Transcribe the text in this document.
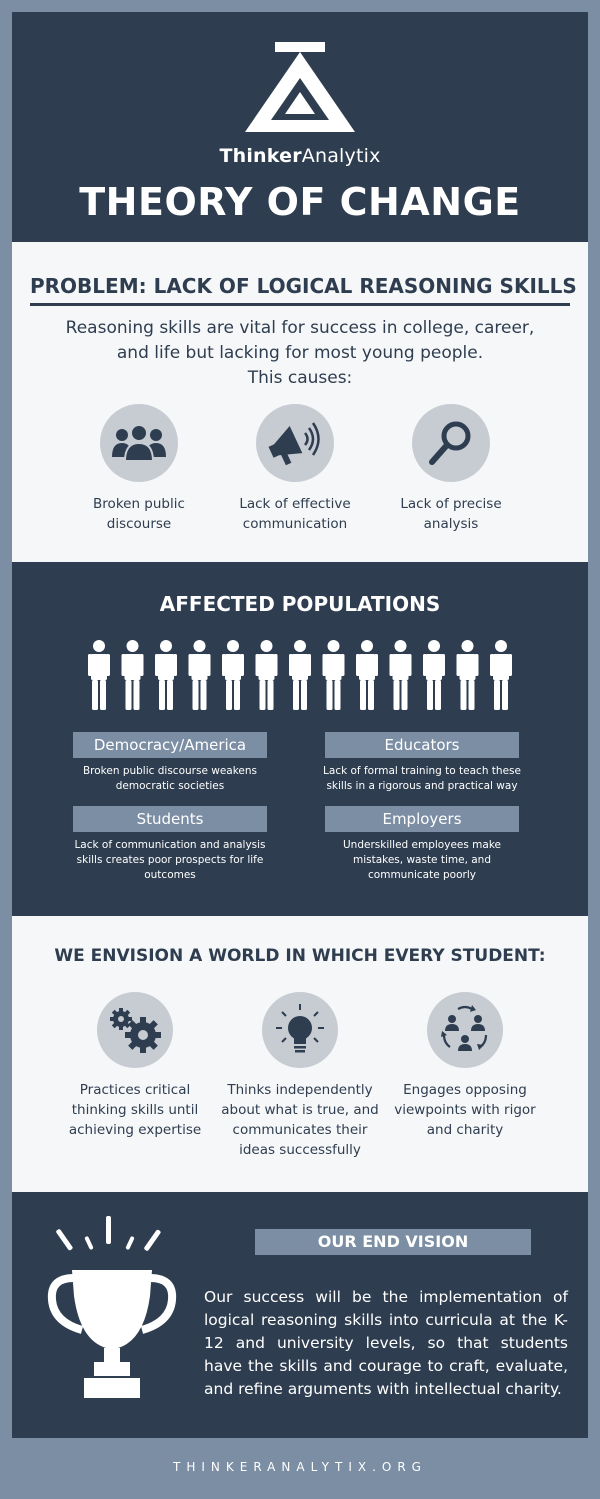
ThinkerAnalytix
THEORY OF CHANGE
PROBLEM: LACK OF LOGICAL REASONING SKILLS
Reasoning skills are vital for success in college, career,
and life but lacking for most young people.
This causes:
Broken public discourse
Lack of effective communication
Lack of precise analysis
AFFECTED POPULATIONS
Democracy/America
Broken public discourse weakens democratic societies
Educators
Lack of formal training to teach these skills in a rigorous and practical way
Students
Lack of communication and analysis skills creates poor prospects for life outcomes
Employers
Underskilled employees make mistakes, waste time, and communicate poorly
WE ENVISION A WORLD IN WHICH EVERY STUDENT:
Practices critical thinking skills until achieving expertise
Thinks independently about what is true, and communicates their ideas successfully
Engages opposing viewpoints with rigor and charity
OUR END VISION
Our success will be the implementation of logical reasoning skills into curricula at the K-12 and university levels, so that students have the skills and courage to craft, evaluate, and refine arguments with intellectual charity.
THINKERANALYTIX.ORG
